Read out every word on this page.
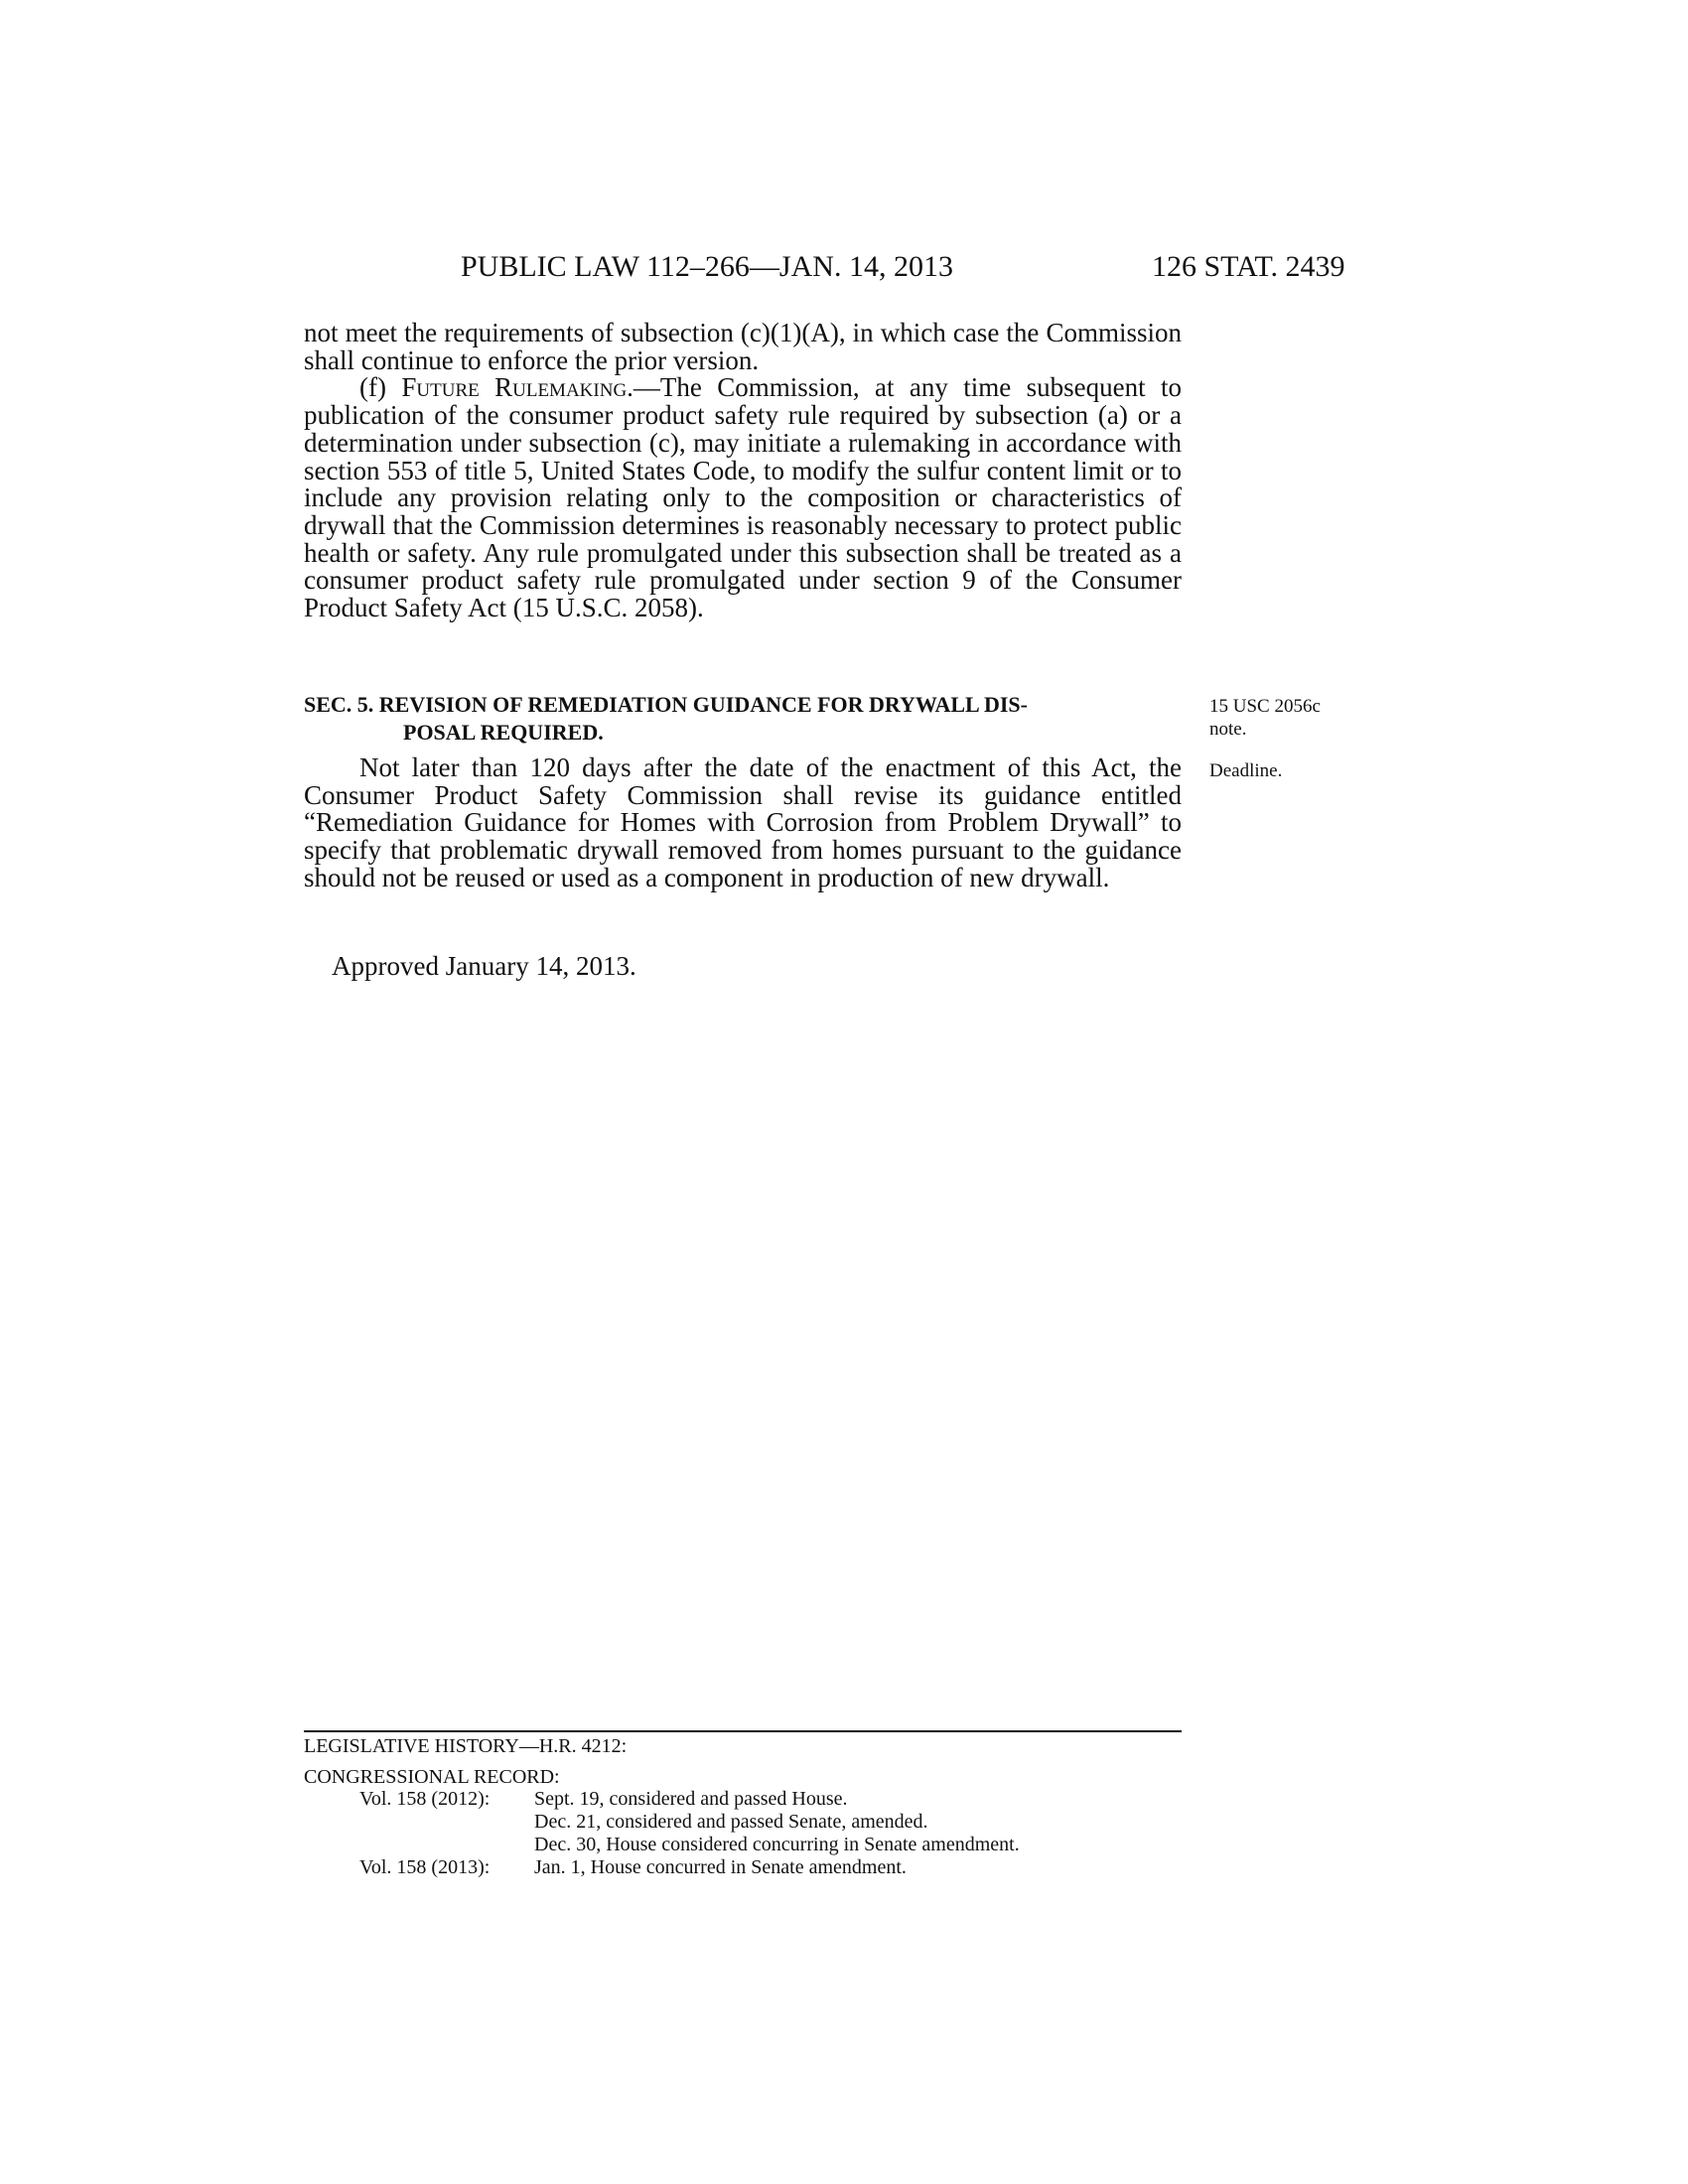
PUBLIC LAW 112–266—JAN. 14, 2013	126 STAT. 2439
not meet the requirements of subsection (c)(1)(A), in which case the Commission shall continue to enforce the prior version.
(f) Future Rulemaking.—The Commission, at any time subsequent to publication of the consumer product safety rule required by subsection (a) or a determination under subsection (c), may initiate a rulemaking in accordance with section 553 of title 5, United States Code, to modify the sulfur content limit or to include any provision relating only to the composition or characteristics of drywall that the Commission determines is reasonably necessary to protect public health or safety. Any rule promulgated under this subsection shall be treated as a consumer product safety rule promulgated under section 9 of the Consumer Product Safety Act (15 U.S.C. 2058).
SEC. 5. REVISION OF REMEDIATION GUIDANCE FOR DRYWALL DIS-
POSAL REQUIRED.
Not later than 120 days after the date of the enactment of this Act, the Consumer Product Safety Commission shall revise its guidance entitled “Remediation Guidance for Homes with Corrosion from Problem Drywall” to specify that problematic drywall removed from homes pursuant to the guidance should not be reused or used as a component in production of new drywall.
15 USC 2056c
note.
Deadline.
Approved January 14, 2013.
LEGISLATIVE HISTORY—H.R. 4212:
CONGRESSIONAL RECORD:
Vol. 158 (2012): Sept. 19, considered and passed House.
Dec. 21, considered and passed Senate, amended.
Dec. 30, House considered concurring in Senate amendment.
Vol. 158 (2013): Jan. 1, House concurred in Senate amendment.
